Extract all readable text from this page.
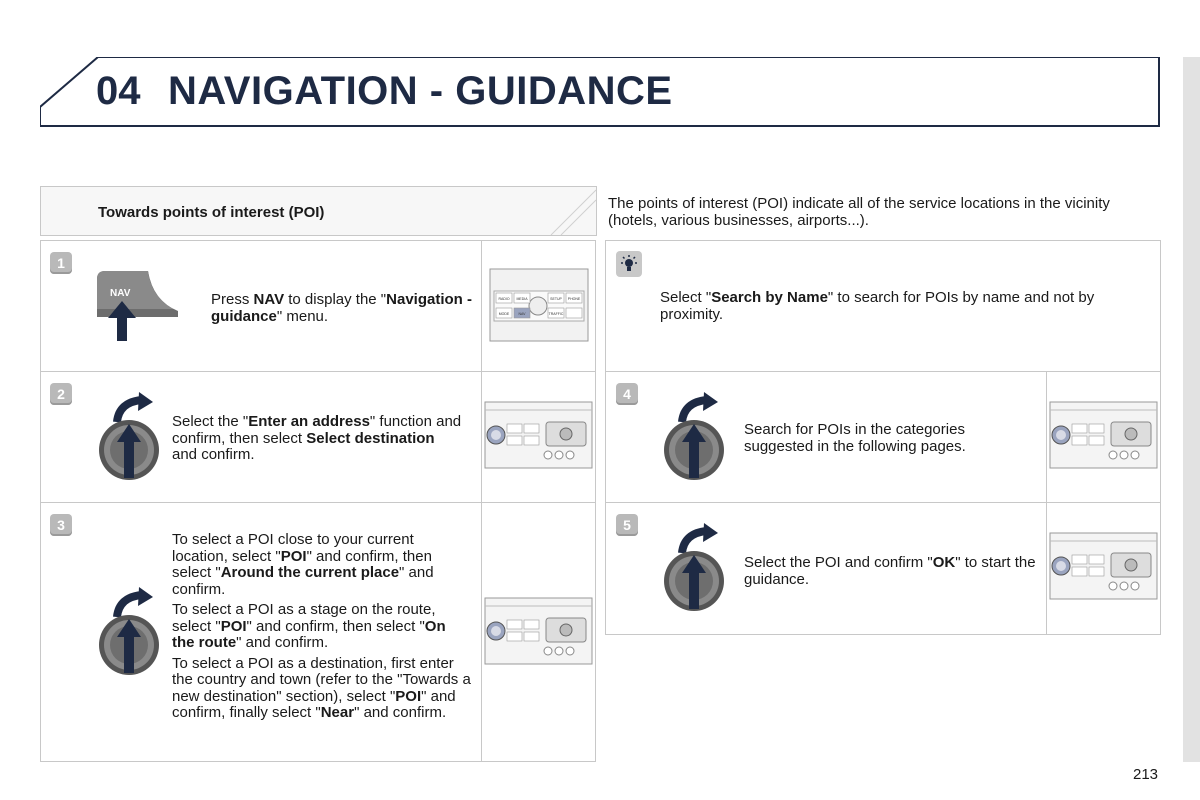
04 NAVIGATION - GUIDANCE
Towards points of interest (POI)
The points of interest (POI) indicate all of the service locations in the vicinity (hotels, various businesses, airports...).
1
NAV	Press NAV to display the "Navigation - guidance" menu.
RADIO MEDIA	SETUP PHONE
MODE	NAV	TRAFFIC
2
Select the "Enter an address" function and confirm, then select Select destination and confirm.
3

To select a POI close to your current location, select "POI" and confirm, then select "Around the current place" and confirm.

To select a POI as a stage on the route, select "POI" and confirm, then select "On the route" and confirm.

To select a POI as a destination, first enter the country and town (refer to the "Towards a new destination" section), select "POI" and confirm, finally select "Near" and confirm.

Select "Search by Name" to search for POIs by name and not by proximity.
4
Search for POIs in the categories suggested in the following pages.
5
Select the POI and confirm "OK" to start the guidance.
213
